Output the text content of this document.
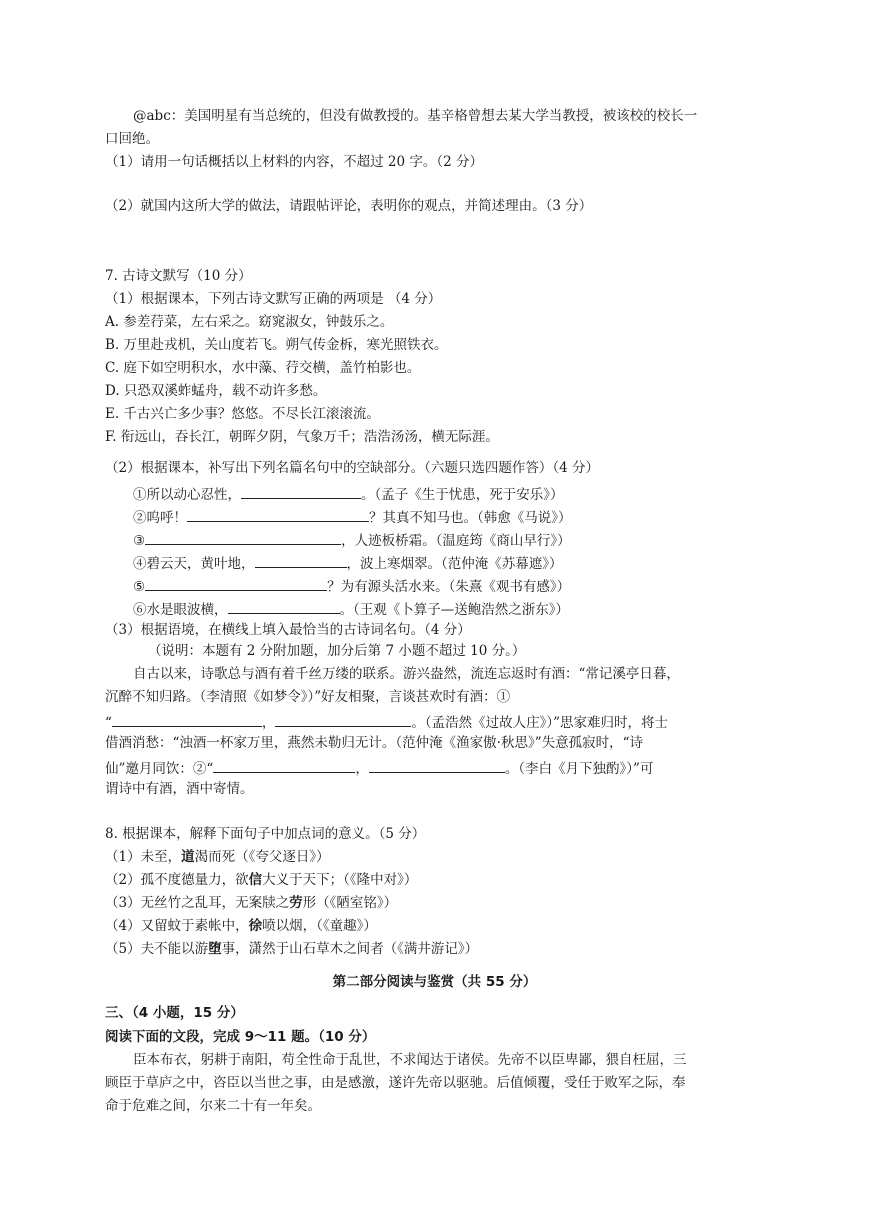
@abc：美国明星有当总统的，但没有做教授的。基辛格曾想去某大学当教授，被该校的校长一
口回绝。
（1）请用一句话概括以上材料的内容，不超过 20 字。（2 分）
（2）就国内这所大学的做法，请跟帖评论，表明你的观点，并简述理由。（3 分）
7. 古诗文默写（10 分）
（1）根据课本，下列古诗文默写正确的两项是 （4 分）
A. 参差荇菜，左右采之。窈窕淑女，钟鼓乐之。
B. 万里赴戎机，关山度若飞。朔气传金柝，寒光照铁衣。
C. 庭下如空明积水，水中藻、荇交横，盖竹柏影也。
D. 只恐双溪蚱蜢舟，载不动许多愁。
E. 千古兴亡多少事？悠悠。不尽长江滚滚流。
F. 衔远山，吞长江，朝晖夕阴，气象万千；浩浩汤汤，横无际涯。
（2）根据课本，补写出下列名篇名句中的空缺部分。（六题只选四题作答）（4 分）
①所以动心忍性，	。（孟子《生于忧患，死于安乐》）
②呜呼！	？其真不知马也。（韩愈《马说》）
③	，人迹板桥霜。（温庭筠《商山早行》）
④碧云天，黄叶地，	，波上寒烟翠。（范仲淹《苏幕遮》）
⑤	？为有源头活水来。（朱熹《观书有感》）
⑥水是眼波横，	。（王观《卜算子—送鲍浩然之浙东》）
（3）根据语境，在横线上填入最恰当的古诗词名句。（4 分）
（说明：本题有 2 分附加题，加分后第 7 小题不超过 10 分。）
自古以来，诗歌总与酒有着千丝万缕的联系。游兴盎然，流连忘返时有酒：“常记溪亭日暮，
沉醉不知归路。（李清照《如梦令》）”好友相聚，言谈甚欢时有酒：①
“	，	。（孟浩然《过故人庄》）”思家难归时，将士
借酒消愁：“浊酒一杯家万里，燕然未勒归无计。（范仲淹《渔家傲·秋思》”失意孤寂时，“诗
仙”邀月同饮：②“	，	。（李白《月下独酌》）”可
谓诗中有酒，酒中寄情。
8. 根据课本，解释下面句子中加点词的意义。（5 分）
（1）未至，道渴而死（《夸父逐日》）
（2）孤不度德量力，欲信大义于天下；（《隆中对》）
（3）无丝竹之乱耳，无案牍之劳形（《陋室铭》）
（4）又留蚊于素帐中，徐喷以烟，（《童趣》）
（5）夫不能以游堕事，潇然于山石草木之间者（《满井游记》）
第二部分阅读与鉴赏（共 55 分）
三、（4 小题，15 分）
阅读下面的文段，完成 9～11 题。（10 分）
臣本布衣，躬耕于南阳，苟全性命于乱世，不求闻达于诸侯。先帝不以臣卑鄙，猥自枉屈，三
顾臣于草庐之中，咨臣以当世之事，由是感激，遂许先帝以驱驰。后值倾覆，受任于败军之际，奉
命于危难之间，尔来二十有一年矣。
